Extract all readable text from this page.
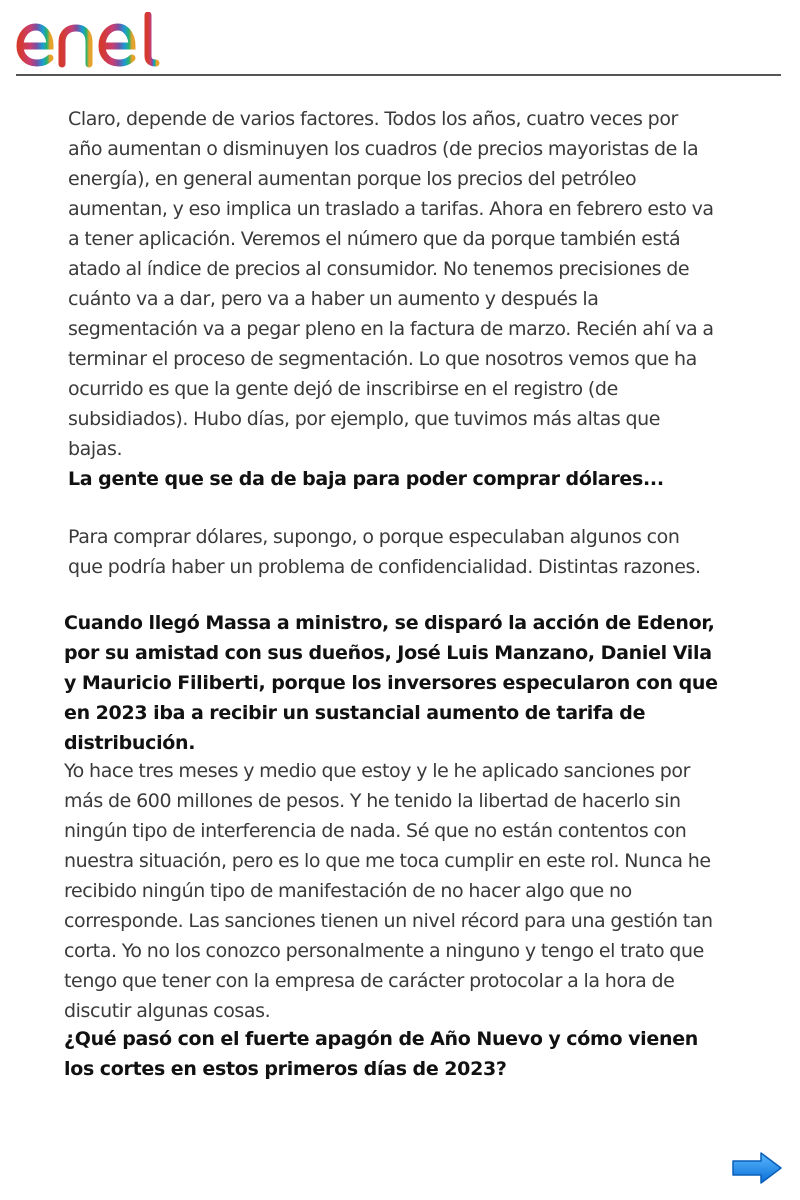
Claro, depende de varios factores. Todos los años, cuatro veces por año aumentan o disminuyen los cuadros (de precios mayoristas de la energía), en general aumentan porque los precios del petróleo aumentan, y eso implica un traslado a tarifas. Ahora en febrero esto va a tener aplicación. Veremos el número que da porque también está atado al índice de precios al consumidor. No tenemos precisiones de cuánto va a dar, pero va a haber un aumento y después la segmentación va a pegar pleno en la factura de marzo. Recién ahí va a terminar el proceso de segmentación. Lo que nosotros vemos que ha ocurrido es que la gente dejó de inscribirse en el registro (de subsidiados). Hubo días, por ejemplo, que tuvimos más altas que bajas.

La gente que se da de baja para poder comprar dólares...

Para comprar dólares, supongo, o porque especulaban algunos con que podría haber un problema de confidencialidad. Distintas razones.

Cuando llegó Massa a ministro, se disparó la acción de Edenor, por su amistad con sus dueños, José Luis Manzano, Daniel Vila y Mauricio Filiberti, porque los inversores especularon con que en 2023 iba a recibir un sustancial aumento de tarifa de distribución.

Yo hace tres meses y medio que estoy y le he aplicado sanciones por más de 600 millones de pesos. Y he tenido la libertad de hacerlo sin ningún tipo de interferencia de nada. Sé que no están contentos con nuestra situación, pero es lo que me toca cumplir en este rol. Nunca he recibido ningún tipo de manifestación de no hacer algo que no corresponde. Las sanciones tienen un nivel récord para una gestión tan corta. Yo no los conozco personalmente a ninguno y tengo el trato que tengo que tener con la empresa de carácter protocolar a la hora de discutir algunas cosas.

¿Qué pasó con el fuerte apagón de Año Nuevo y cómo vienen los cortes en estos primeros días de 2023?
